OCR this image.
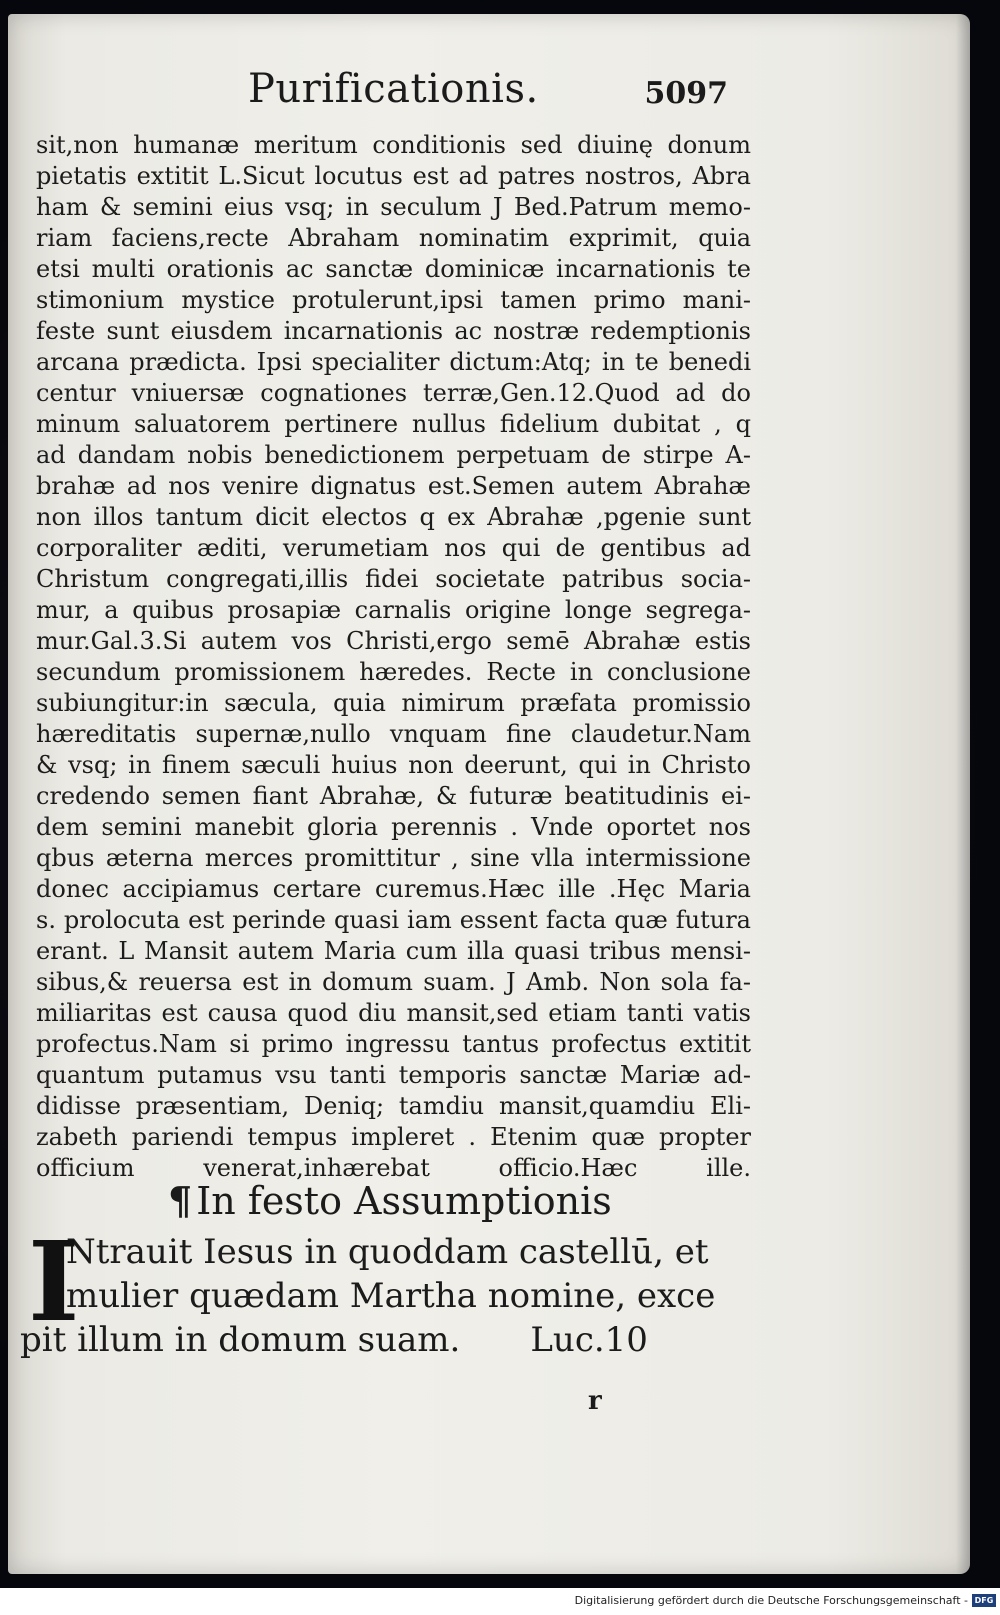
Purificationis.	5097
sit,non humanæ meritum conditionis sed diuinę donum
pietatis extitit L.Sicut locutus est ad patres nostros, Abra
ham & semini eius vsq; in seculum J Bed.Patrum memo-
riam faciens,recte Abraham nominatim exprimit, quia
etsi multi orationis ac sanctæ dominicæ incarnationis te
stimonium mystice protulerunt,ipsi tamen primo mani-
feste sunt eiusdem incarnationis ac nostræ redemptionis
arcana prædicta. Ipsi specialiter dictum:Atq; in te benedi
centur vniuersæ cognationes terræ,Gen.12.Quod ad do
minum saluatorem pertinere nullus fidelium dubitat , q
ad dandam nobis benedictionem perpetuam de stirpe A-
brahæ ad nos venire dignatus est.Semen autem Abrahæ
non illos tantum dicit electos q ex Abrahæ ,pgenie sunt
corporaliter æditi, verumetiam nos qui de gentibus ad
Christum congregati,illis fidei societate patribus socia-
mur, a quibus prosapiæ carnalis origine longe segrega-
mur.Gal.3.Si autem vos Christi,ergo semē Abrahæ estis
secundum promissionem hæredes. Recte in conclusione
subiungitur:in sæcula, quia nimirum præfata promissio
hæreditatis supernæ,nullo vnquam fine claudetur.Nam
& vsq; in finem sæculi huius non deerunt, qui in Christo
credendo semen fiant Abrahæ, & futuræ beatitudinis ei-
dem semini manebit gloria perennis . Vnde oportet nos
qbus æterna merces promittitur , sine vlla intermissione
donec accipiamus certare curemus.Hæc ille .Hęc Maria
s. prolocuta est perinde quasi iam essent facta quæ futura
erant. L Mansit autem Maria cum illa quasi tribus mensi-
sibus,& reuersa est in domum suam. J Amb. Non sola fa-
miliaritas est causa quod diu mansit,sed etiam tanti vatis
profectus.Nam si primo ingressu tantus profectus extitit
quantum putamus vsu tanti temporis sanctæ Mariæ ad-
didisse præsentiam, Deniq; tamdiu mansit,quamdiu Eli-
zabeth pariendi tempus impleret . Etenim quæ propter
officium venerat,inhærebat officio.Hæc ille.
¶ In festo Assumptionis
I
Ntrauit Iesus in quoddam castellū, et
mulier quædam Martha nomine, exce
pit illum in domum suam. Luc.10
r
Digitalisierung gefördert durch die Deutsche Forschungsgemeinschaft - DFG
